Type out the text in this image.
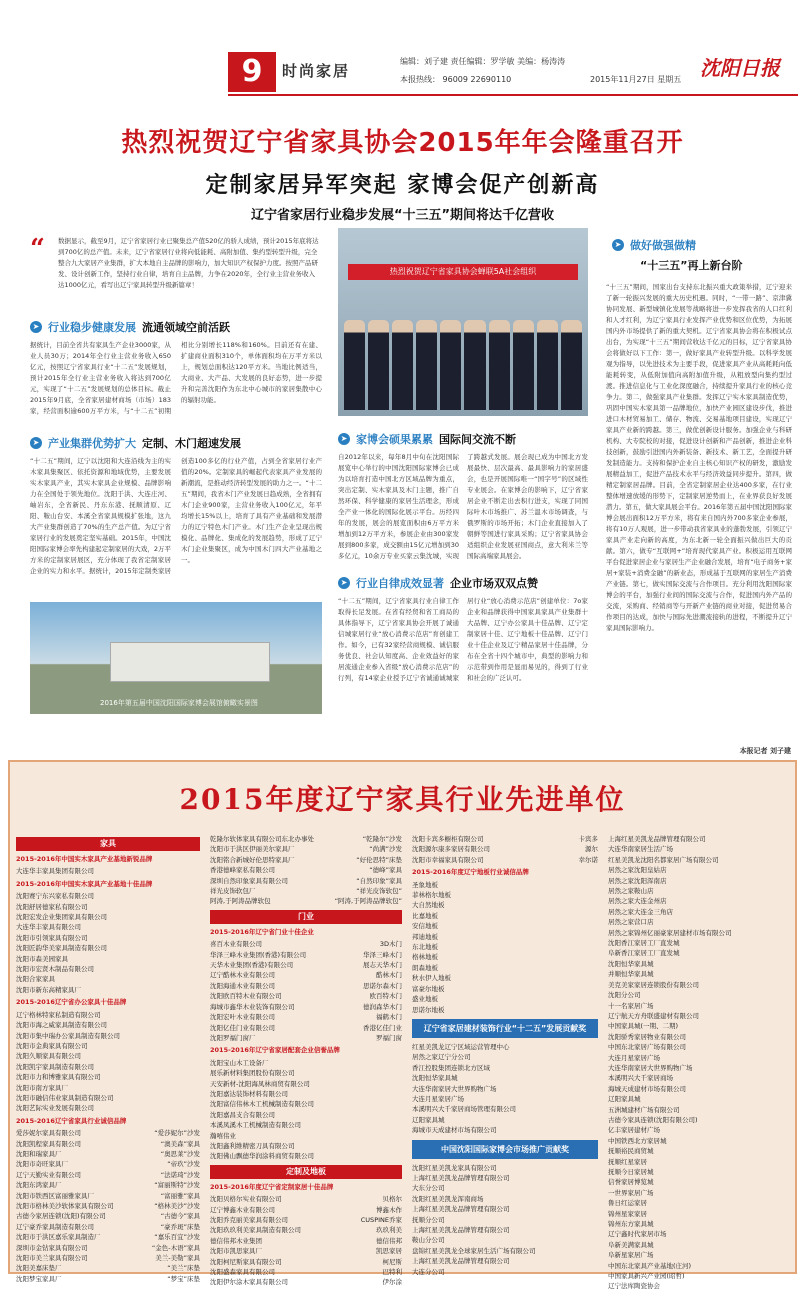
9	时尚家居
编辑：刘子建 责任编辑：罗学敏 美编：杨涛涛
本报热线： 96009 22690110	2015年11月27日 星期五 沈阳日报
热烈祝贺辽宁省家具协会2015年年会隆重召开
定制家居异军突起 家博会促产创新高
辽宁省家居行业稳步发展“十三五”期间将达千亿营收
“	数据显示，截至9月，辽宁省家居行业已聚集总产值520亿的骄人成绩，预计2015年底将达到700亿的总产值。未来，辽宁省家居行业将向低能耗、高附加值、集约型转型升级，完全整合九大家居产业集群，扩大本地自主品牌的影响力，加大知识产权保护力度。按照产品研发、设计创新工作，坚持行业自律，培育自主品牌，力争在2020年，全行业主营业务收入达1000亿元，看写出辽宁家具转型升级新篇章！
➤ 行业稳步健康发展 流通领域空前活跃
据统计，目前全省共有家具生产企业3000家，从业人员30万；2014年全行业主营业务收入650亿元，按照辽宁省家具行业“十二五”发展规划，预计2015年全行业主营业务收入将达到700亿元，实现了“十二五”发展规划的总体目标。截止2015年9月底，全省家居建材商场（市场）183家，经营面积逾600万平方米，与“十二五”初期相比分别增长118%和160%。目前还有在建、扩建商业面积310个，单体面积均在万平方米以上，规划总面积达120平方米。当地比例适当，大商业、大产品、大发展的良好态势，进一步提升和完善沈阳作为东北中心城市的家居集散中心的辐射功能。
➤ 产业集群优势扩大 定制、木门超速发展
“十二五”期间，辽宁以沈阳和大连沿线为主的实木家具集聚区、依托资源和地域优势，主要发展实木家具产业，其实木家具企业规模、品牌影响力在全国处于领先地位。沈阳于洪、大连庄河、岫岩东，全省新民、丹东东港、抚顺清原、辽阳、鞍山台安、本溪全省家具规模扩张地，这九大产业集群创造了70%的生产总产值。为辽宁省家居行业的发展奠定坚实基础。2015年，中国沈阳国际家博会率先构建起定制家居的大戏，2万平方米的定制家居展区，充分体现了我省定制家居企业的实力和水平。据统计，2015年定制类家居创造100多亿的行业产值，占到全省家居行业产值的20%。定制家具的崛起代表家具产业发展的新潮流，是推动经济转型发展的助力之一。“十二五”期间，我省木门产业发展日趋成熟，全省拥有木门企业900家，主营业务收入100亿元，年平均增长15%以上，培育了具有产业基础和发展潜力的辽宁特色木门产业。木门生产企业呈现出规模化、品牌化、集成化的发展趋势，形成了辽宁木门企业集聚区，成为中国木门四大产业基地之一。
2016年第五届中国沈阳国际家博会展馆俯瞰实景图
热烈祝贺辽宁省家具协会蝉联5A社会组织
➤ 家博会硕果累累 国际间交流不断
自2012年以来，每年8月中旬在沈阳国际展览中心举行的中国沈阳国际家博会已成为以培育打造中国北方区域品牌为重点，突出定制、实木家具及木门主题，推广自然环保、科学健康的家居生活理念，形成全产业一体化的国际化展示平台。历经四年的发展，展会的展览面积由6万平方米增加到12万平方米，参展企业由300家发展到800多家，成交额由15亿元增加到30多亿元，10余万专业买家云集沈城，实现了跨越式发展。展会现已成为中国北方发展最快、层次最高、最具影响力的家居盛会，也是开展国际唯一“国字号”的区域性专业展会。在家博会的影响下，辽宁省家居企业不断走出去积行进支，实现了同国际叶木市场推广、苏兰温木市场调查，与俄罗斯的市场开拓；木门企业直接加入了朝鲜等国进行家具采购；辽宁省家具协会适组织企业发展亚国商点，意大利米兰等国际高端家具展会。
➤ 行业自律成效显著 企业市场双双点赞
“十二五”期间，辽宁省家具行业自律工作取得长足发展。在省有经贸和省工商局的具体指导下，辽宁省家具协会开展了诚通信城家居行业“放心消费示范店”育创建工作。如今，已有32家经营商规模、诚信服务优良、社会认知度高、企业效益好的家居流通企业参入省级“放心消费示范店”的行列，有14家企业授予辽宁省诚通诚城家居行业“放心消费示范店”创建单位：7o家企业和品牌获得中国家具家具产业集群十大品牌、辽宁办公家具十佳品牌、辽宁定制家居十佳、辽宁地板十佳品牌、辽宁门业十佳企业及辽宁精品家居十佳品牌，分布在全省十四个城市中，典型的影响力和示范带到作用是显而易见的，得到了行业和社会的广泛认可。
➤ 做好做强做精
“十三五”再上新台阶
“十三五”期间，国家出台支持东北振兴重大政策举措，辽宁迎来了新一轮振兴发展的重大历史机遇。同时，“一带一路”、京津冀协同发展、新型城镇化发展等战略将进一步发挥我省的人口红利和人才红利，为辽宁家具行业发挥产业优势和区位优势，为拓展国内外市场提供了新的重大契机。辽宁省家具协会将在积极试点出台，为实现“十三五”期间营收达千亿元的目标，辽宁省家具协会将做好以下工作：第一，做好家具产业转型升级。以科学发展观为指导，以先进技术为主要手段，促进家具产业从高耗耗向低能耗转变，从低附加值向高附加值升级，从粗放型向集约型过渡。推进信息化与工业化深度融合，持续提升家具行业的核心竞争力。第二，做强家具产业集群。发挥辽宁实木家具制造优势，巩固中国实木家具第一品牌地位，加快产业园区建设步伐，推进进口木材贸易加工、储存、物流、交易基地项目建设，实现辽宁家具产业新的跨越。第三，做优创新设计服务。加强企业与科研机构、大专院校的对接，促进设计创新和产品创新，推进企业科技创新，鼓励引进国内外新装备、新技术、新工艺，全面提升研发制造能力。支持和保护企业自主核心知识产权的研发，激励发展精益加工，促进产品技术水平与经济效益同步提升。第四，做精定制家居品牌。目前，全省定制家居企业达400多家，在行业整体增速放缓的形势下，定制家居逆势而上，在业界获良好发展潜力。第五，做大家具展会平台。2016年第五届中国沈阳国际家博会展出面积12万平方米，将有来自国内外700多家企业参展，将有10万人观展，进一步带动我省家具业的蓬勃发展，引领辽宁家具产业走向新的高度，为东北新一轮全面振兴做出巨大的贡献。第六，做专“互联网+”培育现代家具产业。积极运用互联网平台促进家居企业与家居生产企业融合发展，培育“电子商务+家居+家装+消费金融”的新业态，形成基于互联网的家居生产消费产业链。第七，做实国际交流与合作项目。充分利用沈阳国际家博会的平台，加强行业间的国际交流与合作，促进国内外产品的交流，采购商、经销商等与开新产业链的商业对接，促进贸易合作项目的达成，加快与国际先进潮流接轨的进程，不断提升辽宁家具国际影响力。
本报记者 刘子建
2015年度辽宁家具行业先进单位
家具
2015-2016年中国实木家具产业基地新锐品牌
大连华丰家具集团有限公司
2015-2016年中国实木家具产业基地十佳品牌
沈阳赛宁东兴家私有限公司
沈阳舒居德家私有限公司
沈阳宏发企业集团家具有限公司
大连华丰家具有限公司
沈阳市引领家具有限公司
沈阳匠韵华美家具制造有限公司
沈阳市森美园家具
沈阳市宏贤木制品有限公司
沈阳合家家具
沈阳市新东高精家具厂
2015-2016辽宁省办公家具十佳品牌
辽宁格林特家私制造有限公司
沈阳市海之威家具制造有限公司
沈阳市集中瑞办公家具制造有限公司
沈阳市金典家具有限公司
沈阳久顺家具有限公司
沈阳凯宇家具制造有限公司
沈阳市力和博雅家具有限公司
沈阳市南方家具厂
沈阳市融信伟业家具制造有限公司
沈阳艺际实业发展有限公司
2015-2016辽宁省家具行业诚信品牌
爱莎妮尔家具有限公司	“爱莎妮尔”沙发
沈阳凯程家具有限公司	“澳美森”家具
沈阳和瑞家具厂	“奥思莱”沙发
沈阳市奇旺家具厂	“帝玖”沙发
辽宁天勤实业有限公司	“法诺琦”沙发
沈阳东鸿家具厂	“富丽斯特”沙发
沈阳市铁西区富丽雅家具厂	“富丽雅”家具
沈阳市格林美沙软体家具有限公司	“格林美沙”沙发
古德今家居连锁(沈阳)有限公司	“古德今”家具
辽宁豪乔家具制造有限公司	“豪乔斑”床垫
沈阳市于洪区嘉乐家具制造厂	“嘉乐百宜”沙发
深圳市金钻家具有限公司	“金色-木语”家具
沈阳市美兰家具有限公司	美兰-美勒”家具
沈阳美嘉床垫厂	“美兰”床垫
沈阳梦宝家具厂	“梦宝”床垫
乾隆尔软体家具有限公司东北办事处	“乾隆尔”沙发
沈阳市于洪区伊丽美尔家具厂	“尚满”沙发
沈阳铭合新城好伦思特家具厂	“好伦思特”床垫
香港德峰家私有限公司	“德峰”家具
深圳自然印象家具有限公司	“自然印象”家具
祥光皮饰软包厂	“祥光皮饰软包”
阿涛,于阿涛品牌软包	“阿涛,于阿涛品牌软包”
门业
2015-2016年辽宁省门业十佳企业
喜百木业有限公司	3D木门
华泽三峰木业集团(香港)有限公司	华泽三峰木门
天华木业集团(香港)有限公司	展志天华木门
辽宁酷林木业有限公司	酷林木门
沈阳海通木业有限公司	思诺尔森木门
沈阳欧百特木业有限公司	欧百特木门
海城市鑫华木业装饰有限公司	德润森华木门
沈阳宏叶木业有限公司	福鹤木门
沈阳亿佳门业有限公司	香港亿佳门业
沈阳罗福门窗厂	罗福门窗
2015-2016年辽宁省家居配套企业信誉品牌
沈阳宝山木工设备厂
展乐新材料集团股份有限公司
天安新材-沈阳海凤林商贸有限公司
沈阳嘉达装饰材料有限公司
沈阳富信伟林木工机械制造有限公司
沈阳嘉昌支合有限公司
本溪凤溪木工机械制造有限公司
瀚嘻伟业
沈阳鑫利维精密刀具有限公司
沈阳佛山飘德华润涂料商贸有限公司
定制及地板
2015-2016年度辽宁省定制家居十佳品牌
沈阳贝格尔实业有限公司	贝格尔
辽宁博鑫木业有限公司	博鑫木作
沈阳乔克丽美家具有限公司	CUSPINE乔家
沈阳玖玖利美家具制造有限公司	玖玖利美
德信伟邦木业集团	德信伟邦
沈阳市凯思家具厂	凯思家居
沈阳柯尼斯家具有限公司	柯尼斯
沈阳盛森家具有限公司	巴特利
沈阳伊尔涂木家具有限公司	伊尔涂
沈阳卡宾多橱柜有限公司	卡宾多
沈阳源尔康多家居有限公司	源尔
沈阳市幸福家具有限公司	幸尔诺
2015-2016年度辽宁地板行业诚信品牌
圣象地板
菲林格尔地板
大自然地板
比嘉地板
安信地板
邦迪地板
东北地板
格林地板
朗森地板
秋水伊人地板
富豪尔地板
盛业地板
思诺尔地板
辽宁省家居建材装饰行业“十二五”发展贡献奖
红星美凯龙辽宁区域运营管理中心
居然之家辽宁分公司
香江控股集团连锁北方区域
沈阳恒华家具城
大连华南家居大世界购物广场
大连月星家居广场
本溪明兴大千家居商场管理有限公司
辽阳家具城
海城市天成建材市场有限公司
中国沈阳国际家博会市场推广贡献奖
沈阳红星美凯龙家具有限公司
上海红星美凯龙品牌管理有限公司
大东分公司
沈阳红星美凯龙浑南商场
上海红星美凯龙品牌管理有限公司
抚顺分公司
上海红星美凯龙品牌管理有限公司
鞍山分公司
盘锦红星美凯龙全球家居生活广场有限公司
上海红星美凯龙品牌管理有限公司
大连分公司
上海红星美凯龙品牌管理有限公司
大连华南家居生活广场
红星美凯龙沈阳名都家居广场有限公司
居然之家沈阳皇姑店
居然之家沈阳浑南店
居然之家鞍山店
居然之家大连金州店
居然之家大连金三角店
居然之家营口店
居然之家锦州亿丽豪家居建材市场有限公司
沈阳香江家居工厂直发城
阜新香江家居工厂直发城
沈阳恒华家具城
并顺恒华家具城
美克美家家居连锁股份有限公司
沈阳分公司
十一名家居广场
辽宁航天方舟联盛建材有限公司
中国家具城(一期、二期)
沈阳骄秀家居物业有限公司
中国东北家居广场有限公司
大连月星家居广场
大连华南家居大世界购物广场
本溪明兴大千家居商场
海城天成建材市场有限公司
辽阳家具城
五洲城建材广场有限公司
古德今家具连锁(沈阳有限公司)
亿丰家居建材广场
中国铁西北方家居城
抚顺裕民商贸城
抚顺红星家居
抚顺今日家居城
信誉家居博览城
一世界家居广场
鲁日红运家居
锦州星家家居
锦州东方家具城
辽宁鑫时代家居市场
阜新美满家具城
阜新星家居广场
中国东北家具产业基地(庄河)
中国家具新兴产业园(昭哲)
辽宁法库陶瓷协会
